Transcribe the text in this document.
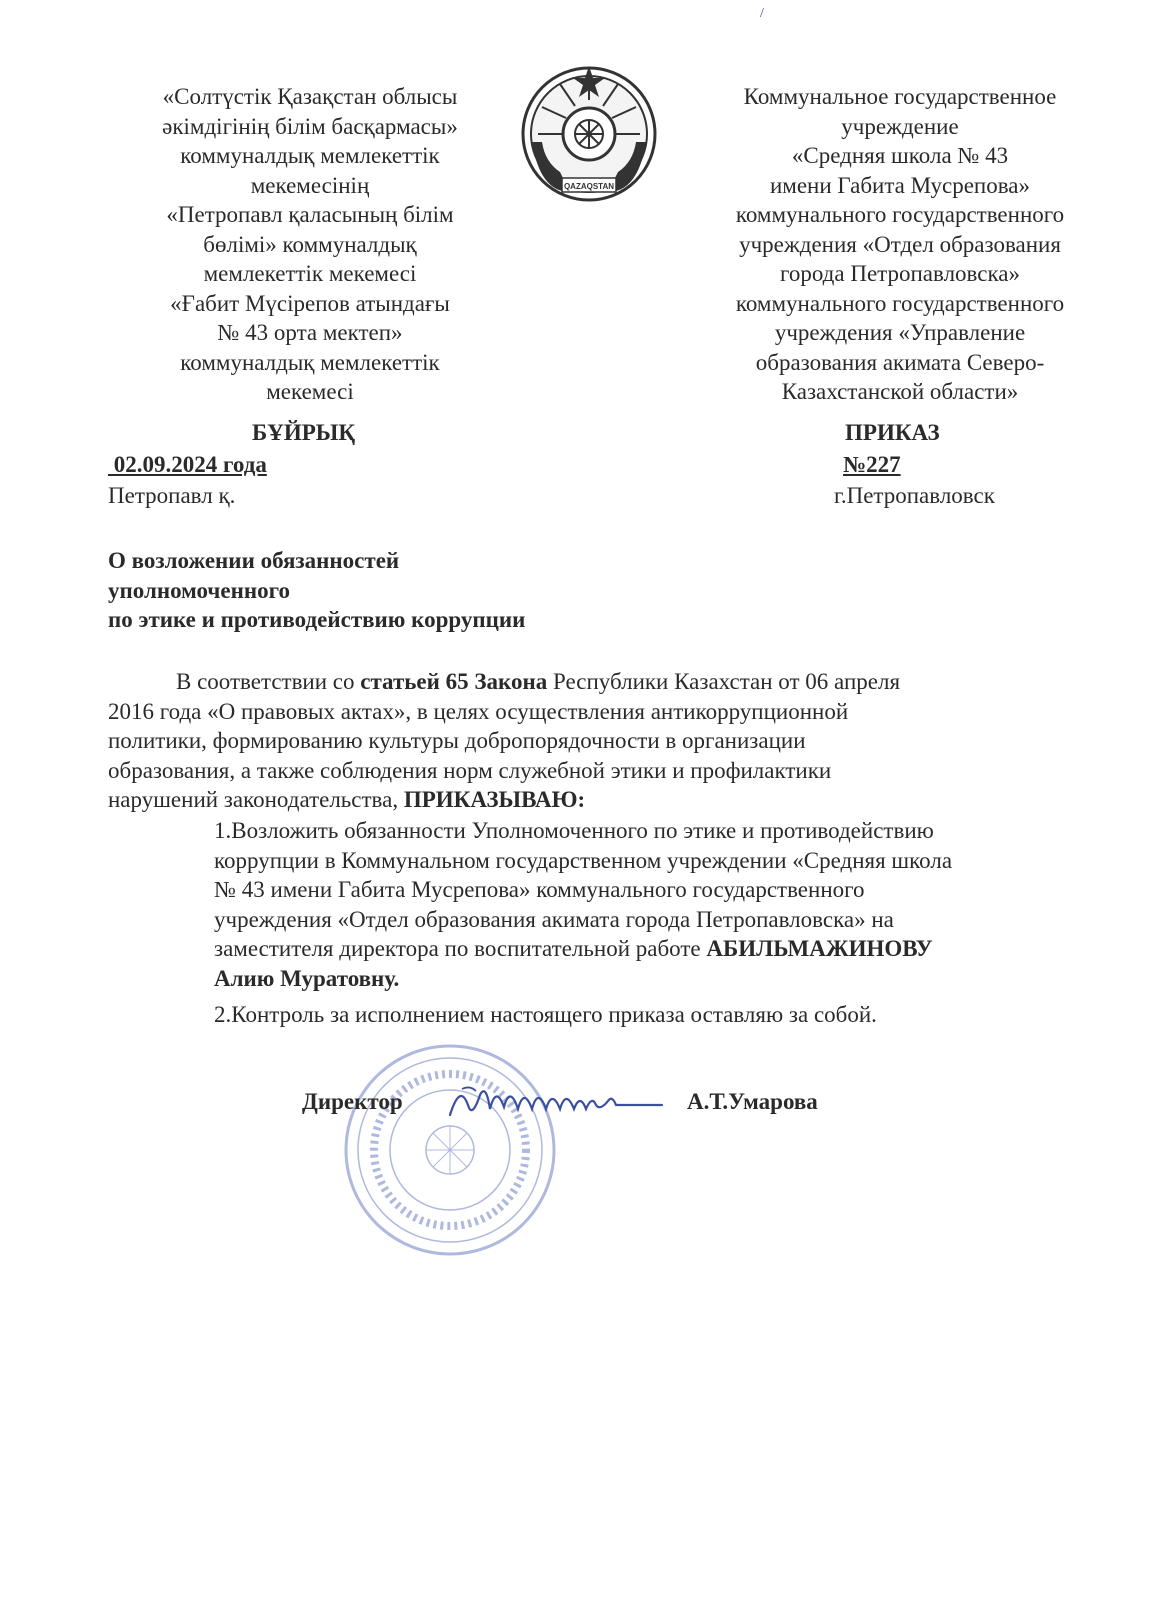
/
«Солтүстік Қазақстан облысы
әкімдігінің білім басқармасы»
коммуналдық мемлекеттік
мекемесінің
«Петропавл қаласының білім
бөлімі» коммуналдық
мемлекеттік мекемесі
«Ғабит Мүсірепов атындағы
№ 43 орта мектеп»
коммуналдық мемлекеттік
мекемесі
QAZAQSTAN
Коммунальное государственное
учреждение
«Средняя школа № 43
имени Габита Мусрепова»
коммунального государственного
учреждения «Отдел образования
города Петропавловска»
коммунального государственного
учреждения «Управление
образования акимата Северо-
Казахстанской области»
БҰЙРЫҚ	ПРИКАЗ
02.09.2024 года	№227
Петропавл қ.	г.Петропавловск
О возложении обязанностей
уполномоченного
по этике и противодействию коррупции
В соответствии со статьей 65 Закона Республики Казахстан от 06 апреля
2016 года «О правовых актах», в целях осуществления антикоррупционной
политики, формированию культуры добропорядочности в организации
образования, а также соблюдения норм служебной этики и профилактики
нарушений законодательства, ПРИКАЗЫВАЮ:
1.Возложить обязанности Уполномоченного по этике и противодействию
коррупции в Коммунальном государственном учреждении «Средняя школа
№ 43 имени Габита Мусрепова» коммунального государственного
учреждения «Отдел образования акимата города Петропавловска» на
заместителя директора по воспитательной работе АБИЛЬМАЖИНОВУ
Алию Муратовну.
2.Контроль за исполнением настоящего приказа оставляю за собой.
Директор	А.Т.Умарова
